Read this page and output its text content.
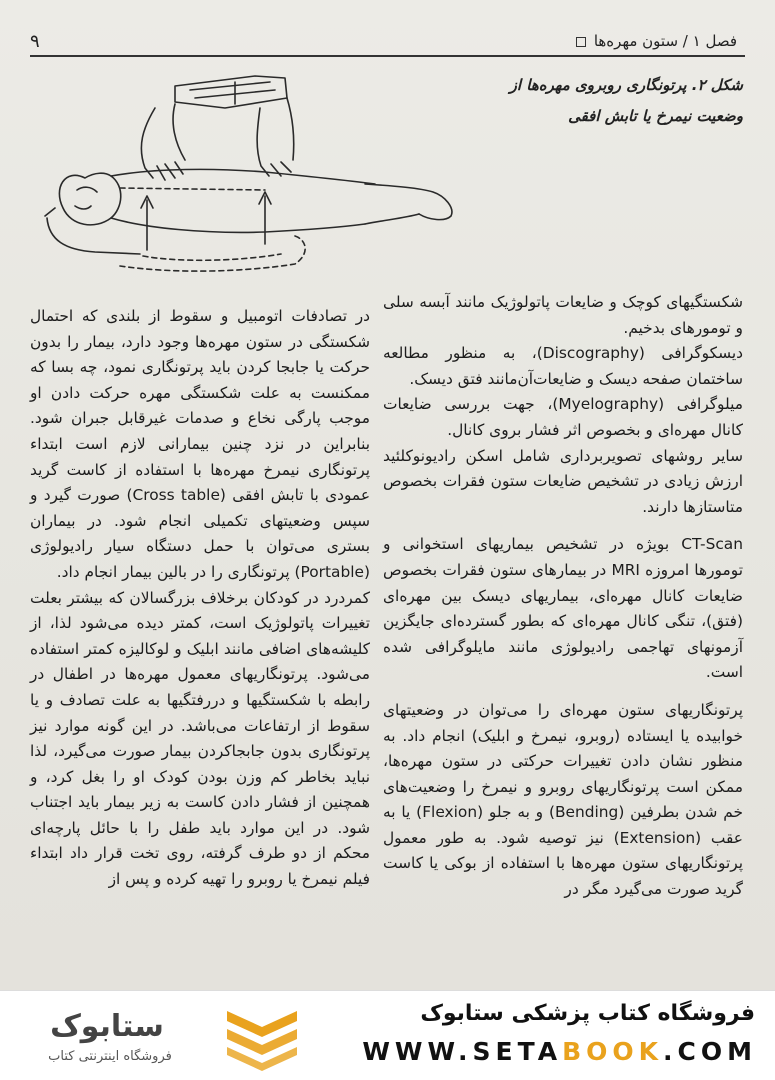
۹	فصل ۱ / ستون مهره‌ها
شکل ۲. پرتونگاری روبروی مهره‌ها از
وضعیت نیمرخ یا تابش افقی

شکستگیهای کوچک و ضایعات پاتولوژیک مانند آبسه سلی و تومورهای بدخیم.

دیسکوگرافی (Discography)، به منظور مطالعه ساختمان صفحه دیسک و ضایعات‌آن‌مانند فتق دیسک.

میلوگرافی (Myelography)، جهت بررسی ضایعات کانال مهره‌ای و بخصوص اثر فشار بروی کانال.

سایر روشهای تصویربرداری شامل اسکن رادیونوکلئید ارزش زیادی در تشخیص ضایعات ستون فقرات بخصوص متاستازها دارند.

CT-Scan بویژه در تشخیص بیماریهای استخوانی و تومورها امروزه MRI در بیمارهای ستون فقرات بخصوص ضایعات کانال مهره‌ای، بیماریهای دیسک بین مهره‌ای (فتق)، تنگی کانال مهره‌ای که بطور گسترده‌ای جایگزین آزمونهای تهاجمی رادیولوژی مانند مایلوگرافی شده است.

پرتونگاریهای ستون مهره‌ای را می‌توان در وضعیتهای خوابیده یا ایستاده (روبرو، نیمرخ و ابلیک) انجام داد. به منظور نشان دادن تغییرات حرکتی در ستون مهره‌ها، ممکن است پرتونگاریهای روبرو و نیمرخ را وضعیت‌های خم شدن بطرفین (Bending) و به جلو (Flexion) یا به عقب (Extension) نیز توصیه شود. به طور معمول پرتونگاریهای ستون مهره‌ها با استفاده از بوکی یا کاست گرید صورت می‌گیرد مگر در

در تصادفات اتومبیل و سقوط از بلندی که احتمال شکستگی در ستون مهره‌ها وجود دارد، بیمار را بدون حرکت یا جابجا کردن باید پرتونگاری نمود، چه بسا که ممکنست به علت شکستگی مهره حرکت دادن او موجب پارگی نخاع و صدمات غیرقابل جبران شود. بنابراین در نزد چنین بیمارانی لازم است ابتداء پرتونگاری نیمرخ مهره‌ها با استفاده از کاست گرید عمودی با تابش افقی (Cross table) صورت گیرد و سپس وضعیتهای تکمیلی انجام شود. در بیماران بستری می‌توان با حمل دستگاه سیار رادیولوژی (Portable) پرتونگاری را در بالین بیمار انجام داد.

کمردرد در کودکان برخلاف بزرگسالان که بیشتر بعلت تغییرات پاتولوژیک است، کمتر دیده می‌شود لذا، از کلیشه‌های اضافی مانند ابلیک و لوکالیزه کمتر استفاده می‌شود. پرتونگاریهای معمول مهره‌ها در اطفال در رابطه با شکستگیها و دررفتگیها به علت تصادف و یا سقوط از ارتفاعات می‌باشد. در این گونه موارد نیز پرتونگاری بدون جابجاکردن بیمار صورت می‌گیرد، لذا نباید بخاطر کم وزن بودن کودک او را بغل کرد، و همچنین از فشار دادن کاست به زیر بیمار باید اجتناب شود. در این موارد باید طفل را با حائل پارچه‌ای محکم از دو طرف گرفته، روی تخت قرار داد ابتداء فیلم نیمرخ یا روبرو را تهیه کرده و پس از

ستابوک
فروشگاه اینترنتی کتاب
فروشگاه کتاب پزشکی ستابوک
WWW.SETABOOK.COM
